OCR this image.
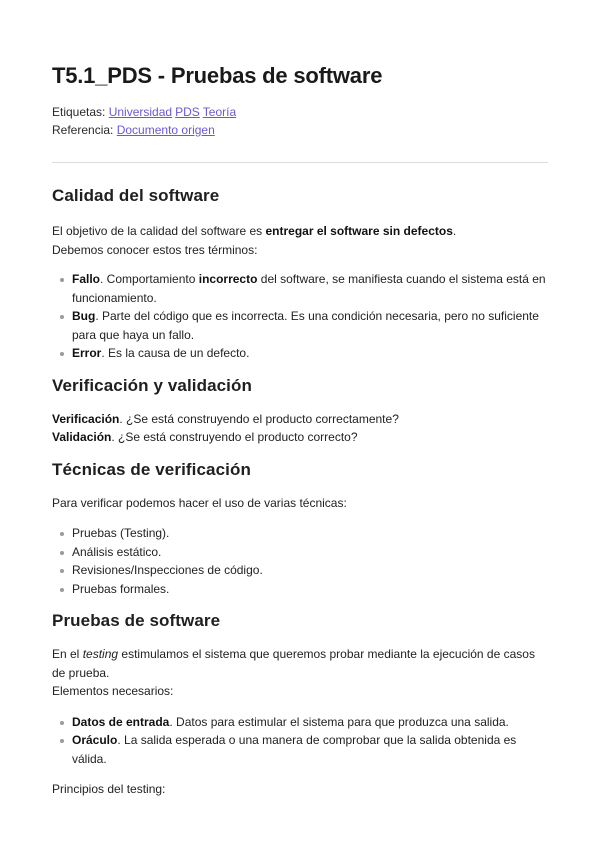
T5.1_PDS - Pruebas de software
Etiquetas: Universidad PDS Teoría
Referencia: Documento origen
Calidad del software

El objetivo de la calidad del software es entregar el software sin defectos.

Debemos conocer estos tres términos:

Fallo. Comportamiento incorrecto del software, se manifiesta cuando el sistema está en funcionamiento.
Bug. Parte del código que es incorrecta. Es una condición necesaria, pero no suficiente para que haya un fallo.
Error. Es la causa de un defecto.
Verificación y validación

Verificación. ¿Se está construyendo el producto correctamente?

Validación. ¿Se está construyendo el producto correcto?

Técnicas de verificación

Para verificar podemos hacer el uso de varias técnicas:

Pruebas (Testing).
Análisis estático.
Revisiones/Inspecciones de código.
Pruebas formales.
Pruebas de software

En el testing estimulamos el sistema que queremos probar mediante la ejecución de casos de prueba.

Elementos necesarios:

Datos de entrada. Datos para estimular el sistema para que produzca una salida.
Oráculo. La salida esperada o una manera de comprobar que la salida obtenida es válida.

Principios del testing:
